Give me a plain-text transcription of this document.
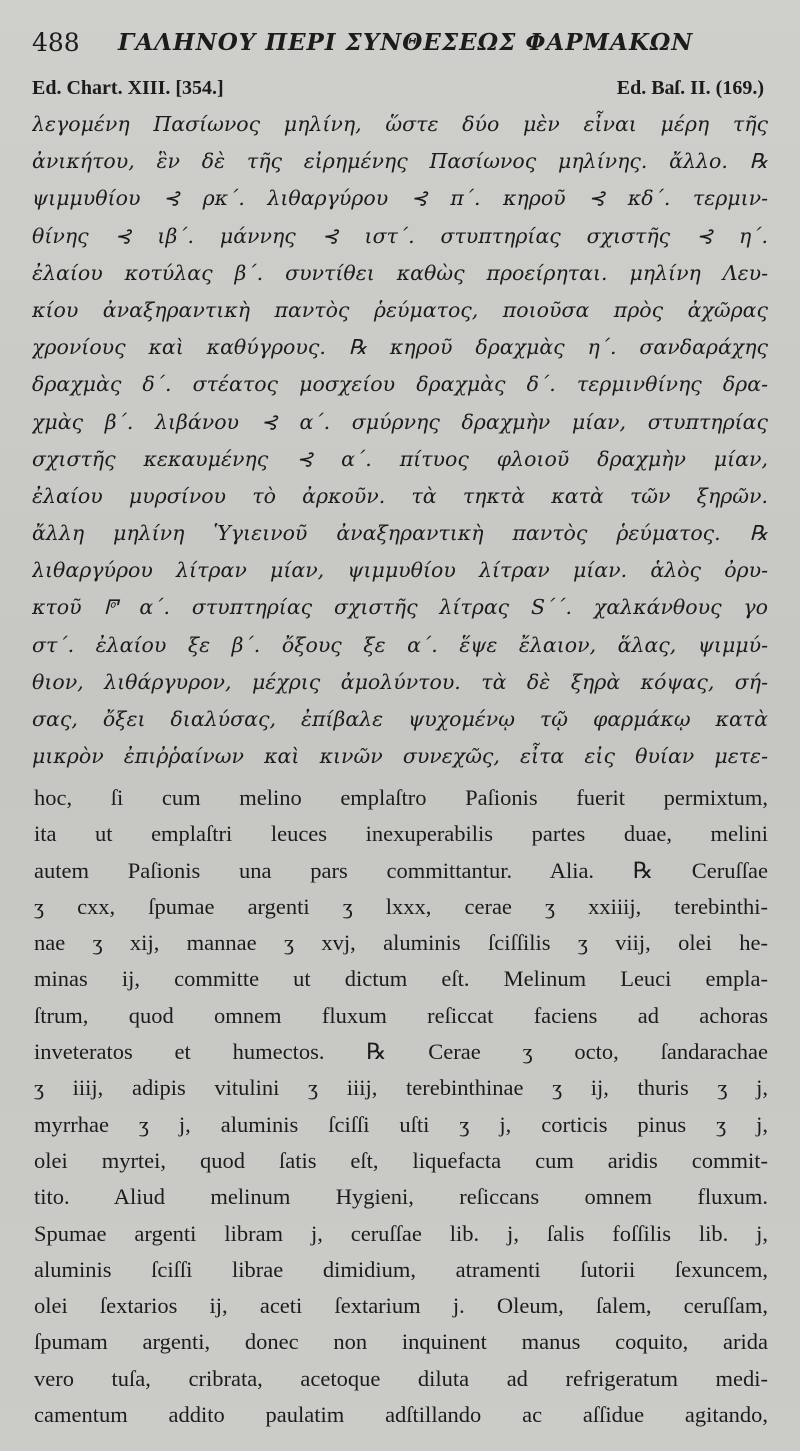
488 ΓΑΛΗΝΟΥ ΠΕΡΙ ΣΥΝΘΕΣΕΩΣ ΦΑΡΜΑΚΩΝ
Ed. Chart. XIII. [354.]	Ed. Baſ. II. (169.)
λεγομένη Πασίωνος μηλίνη, ὥστε δύο μὲν εἶναι μέρη τῆς
ἀνικήτου, ἓν δὲ τῆς εἰρημένης Πασίωνος μηλίνης. ἄλλο. ℞
ψιμμυθίου ⊰ ρκ΄. λιθαργύρου ⊰ π΄. κηροῦ ⊰ κδ΄. τερμιν-
θίνης ⊰ ιβ΄. μάννης ⊰ ιστ΄. στυπτηρίας σχιστῆς ⊰ η΄.
ἐλαίου κοτύλας β΄. συντίθει καθὼς προείρηται. μηλίνη Λευ-
κίου ἀναξηραντικὴ παντὸς ῥεύματος, ποιοῦσα πρὸς ἀχῶρας
χρονίους καὶ καθύγρους. ℞ κηροῦ δραχμὰς η΄. σανδαράχης
δραχμὰς δ΄. στέατος μοσχείου δραχμὰς δ΄. τερμινθίνης δρα-
χμὰς β΄. λιβάνου ⊰ α΄. σμύρνης δραχμὴν μίαν, στυπτηρίας
σχιστῆς κεκαυμένης ⊰ α΄. πίτυος φλοιοῦ δραχμὴν μίαν,
ἐλαίου μυρσίνου τὸ ἀρκοῦν. τὰ τηκτὰ κατὰ τῶν ξηρῶν.
ἄλλη μηλίνη Ὑγιεινοῦ ἀναξηραντικὴ παντὸς ῥεύματος. ℞
λιθαργύρου λίτραν μίαν, ψιμμυθίου λίτραν μίαν. ἁλὸς ὀρυ-
κτοῦ 𐆄 α΄. στυπτηρίας σχιστῆς λίτρας S΄΄. χαλκάνθους γο
στ΄. ἐλαίου ξε β΄. ὄξους ξε α΄. ἕψε ἔλαιον, ἅλας, ψιμμύ-
θιον, λιθάργυρον, μέχρις ἀμολύντου. τὰ δὲ ξηρὰ κόψας, σή-
σας, ὄξει διαλύσας, ἐπίβαλε ψυχομένῳ τῷ φαρμάκῳ κατὰ
μικρὸν ἐπιῤῥαίνων καὶ κινῶν συνεχῶς, εἶτα εἰς θυίαν μετε-
hoc, ſi cum melino emplaſtro Paſionis fuerit permixtum,
ita ut emplaſtri leuces inexuperabilis partes duae, melini
autem Paſionis una pars committantur. Alia. ℞ Ceruſſae
ʒ cxx, ſpumae argenti ʒ lxxx, cerae ʒ xxiiij, terebinthi-
nae ʒ xij, mannae ʒ xvj, aluminis ſciſſilis ʒ viij, olei he-
minas ij, committe ut dictum eſt. Melinum Leuci empla-
ſtrum, quod omnem fluxum reſiccat faciens ad achoras
inveteratos et humectos. ℞ Cerae ʒ octo, ſandarachae
ʒ iiij, adipis vitulini ʒ iiij, terebinthinae ʒ ij, thuris ʒ j,
myrrhae ʒ j, aluminis ſciſſi uſti ʒ j, corticis pinus ʒ j,
olei myrtei, quod ſatis eſt, liquefacta cum aridis commit-
tito. Aliud melinum Hygieni, reſiccans omnem fluxum.
Spumae argenti libram j, ceruſſae lib. j, ſalis foſſilis lib. j,
aluminis ſciſſi librae dimidium, atramenti ſutorii ſexuncem,
olei ſextarios ij, aceti ſextarium j. Oleum, ſalem, ceruſſam,
ſpumam argenti, donec non inquinent manus coquito, arida
vero tuſa, cribrata, acetoque diluta ad refrigeratum medi-
camentum addito paulatim adſtillando ac aſſidue agitando,
